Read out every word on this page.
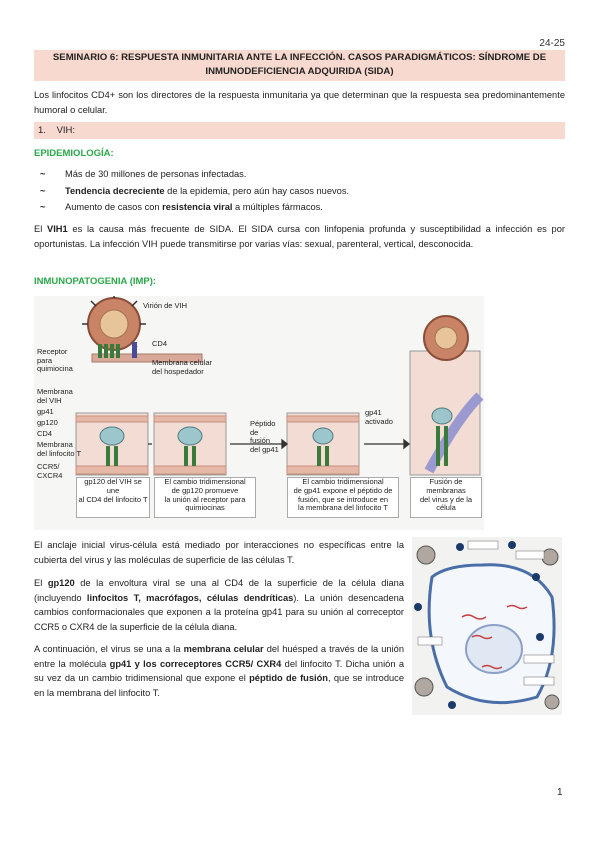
24-25
SEMINARIO 6: RESPUESTA INMUNITARIA ANTE LA INFECCIÓN. CASOS PARADIGMÁTICOS: SÍNDROME DE
INMUNODEFICIENCIA ADQUIRIDA (SIDA)
Los linfocitos CD4+ son los directores de la respuesta inmunitaria ya que determinan que la respuesta sea predominantemente humoral o celular.
1. VIH:
EPIDEMIOLOGÍA:
~ Más de 30 millones de personas infectadas.
~ Tendencia decreciente de la epidemia, pero aún hay casos nuevos.
~ Aumento de casos con resistencia viral a múltiples fármacos.
El VIH1 es la causa más frecuente de SIDA. El SIDA cursa con linfopenia profunda y susceptibilidad a infección es por oportunistas. La infección VIH puede transmitirse por varias vías: sexual, parenteral, vertical, desconocida.
INMUNOPATOGENIA (IMP):
Virión de VIH
CD4
Receptor
para
quimiocina
Membrana celular
del hospedador
Membrana
del VIH
gp41
gp120
CD4
Membrana
del linfocito T
CCR5/
CXCR4
gp41
activado
Péptido
de
fusión
del gp41
gp120 del VIH se une
al CD4 del linfocito T
El cambio tridimensional
de gp120 promueve
la unión al receptor para
quimiocinas
El cambio tridimensional
de gp41 expone el péptido de
fusión, que se introduce en
la membrana del linfocito T
Fusión de membranas
del virus y de la célula
El anclaje inicial virus-célula está mediado por interacciones no específicas entre la cubierta del virus y las moléculas de superficie de las células T.
El gp120 de la envoltura viral se una al CD4 de la superficie de la célula diana (incluyendo linfocitos T, macrófagos, células dendríticas). La unión desencadena cambios conformacionales que exponen a la proteína gp41 para su unión al correceptor CCR5 o CXR4 de la superficie de la célula diana.
A continuación, el virus se una a la membrana celular del huésped a través de la unión entre la molécula gp41 y los correceptores CCR5/ CXR4 del linfocito T. Dicha unión a su vez da un cambio tridimensional que expone el péptido de fusión, que se introduce en la membrana del linfocito T.
1
